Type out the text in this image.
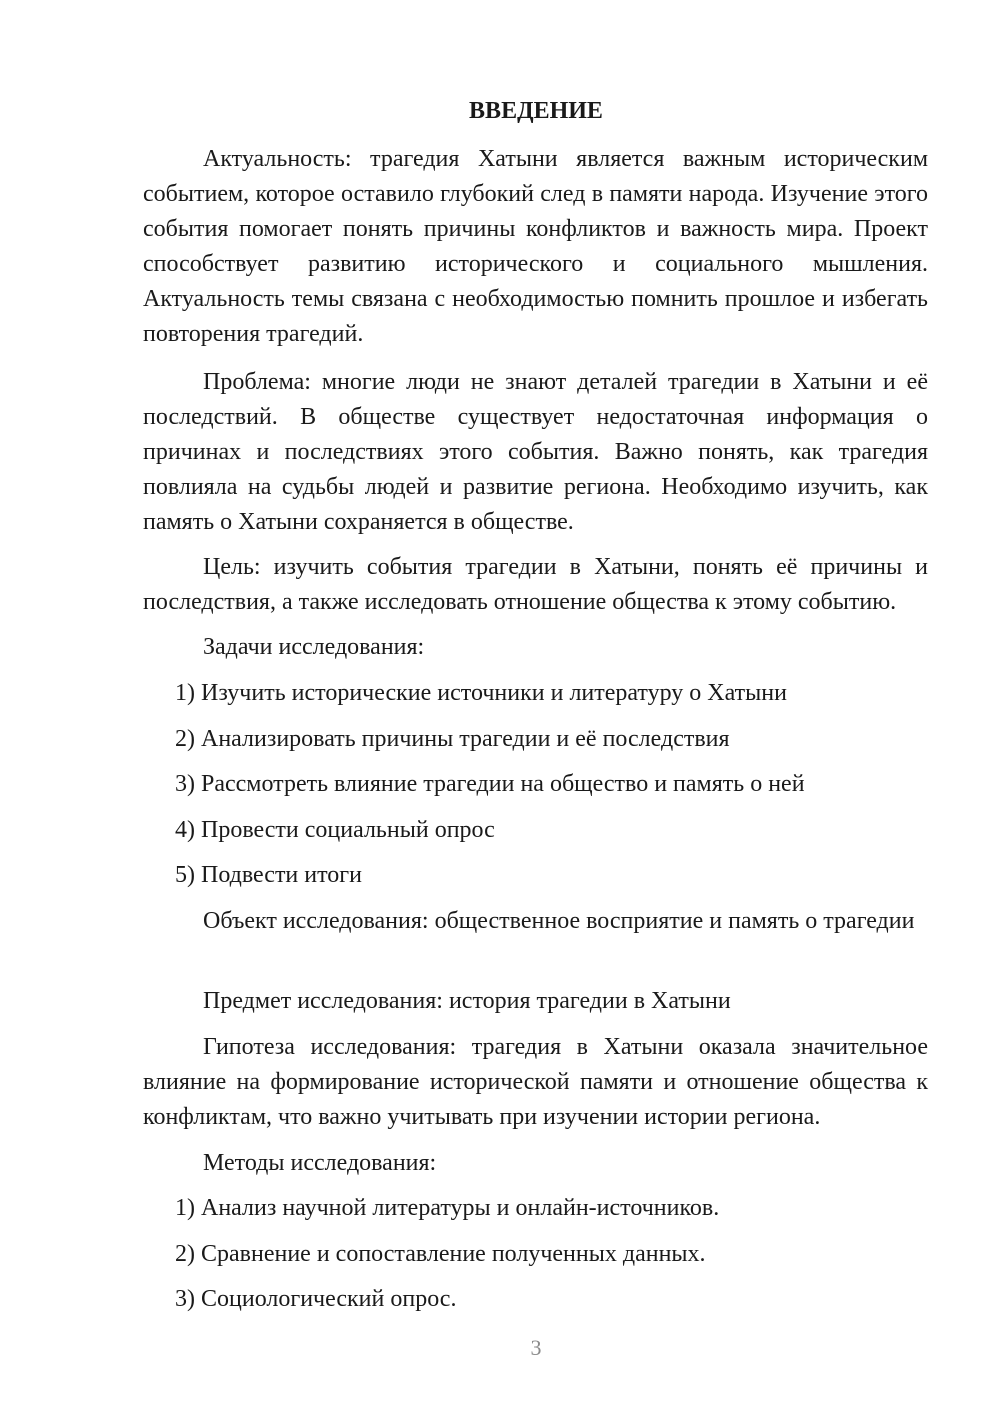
ВВЕДЕНИЕ

Актуальность: трагедия Хатыни является важным историческим событием, которое оставило глубокий след в памяти народа. Изучение этого события помогает понять причины конфликтов и важность мира. Проект способствует развитию исторического и социального мышления. Актуальность темы связана с необходимостью помнить прошлое и избегать повторения трагедий.

Проблема: многие люди не знают деталей трагедии в Хатыни и её последствий. В обществе существует недостаточная информация о причинах и последствиях этого события. Важно понять, как трагедия повлияла на судьбы людей и развитие региона. Необходимо изучить, как память о Хатыни сохраняется в обществе.

Цель: изучить события трагедии в Хатыни, понять её причины и последствия, а также исследовать отношение общества к этому событию.

Задачи исследования:

1) Изучить исторические источники и литературу о Хатыни

2) Анализировать причины трагедии и её последствия

3) Рассмотреть влияние трагедии на общество и память о ней

4) Провести социальный опрос

5) Подвести итоги

Объект исследования: общественное восприятие и память о трагедии

Предмет исследования: история трагедии в Хатыни

Гипотеза исследования: трагедия в Хатыни оказала значительное влияние на формирование исторической памяти и отношение общества к конфликтам, что важно учитывать при изучении истории региона.

Методы исследования:

1) Анализ научной литературы и онлайн-источников.

2) Сравнение и сопоставление полученных данных.

3) Социологический опрос.

3
